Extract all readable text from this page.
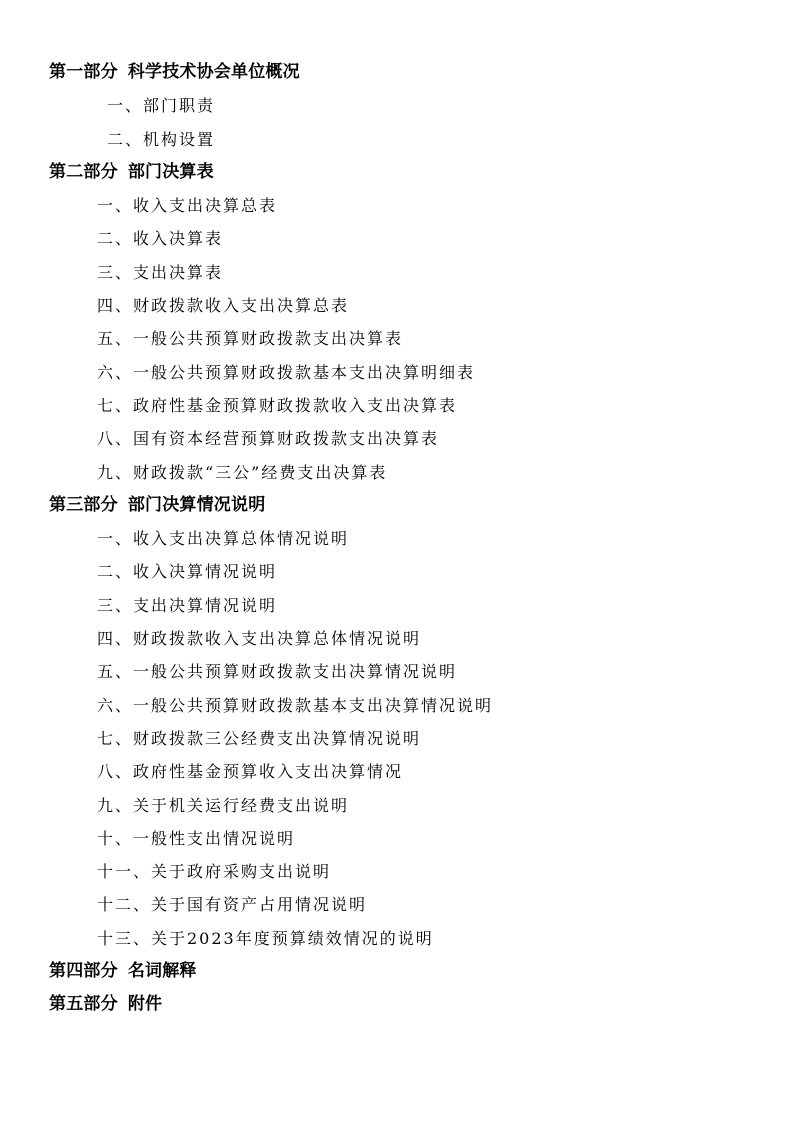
第一部分 科学技术协会单位概况
一、部门职责
二、机构设置
第二部分 部门决算表
一、收入支出决算总表
二、收入决算表
三、支出决算表
四、财政拨款收入支出决算总表
五、一般公共预算财政拨款支出决算表
六、一般公共预算财政拨款基本支出决算明细表
七、政府性基金预算财政拨款收入支出决算表
八、国有资本经营预算财政拨款支出决算表
九、财政拨款“三公”经费支出决算表
第三部分 部门决算情况说明
一、收入支出决算总体情况说明
二、收入决算情况说明
三、支出决算情况说明
四、财政拨款收入支出决算总体情况说明
五、一般公共预算财政拨款支出决算情况说明
六、一般公共预算财政拨款基本支出决算情况说明
七、财政拨款三公经费支出决算情况说明
八、政府性基金预算收入支出决算情况
九、关于机关运行经费支出说明
十、一般性支出情况说明
十一、关于政府采购支出说明
十二、关于国有资产占用情况说明
十三、关于2023年度预算绩效情况的说明
第四部分 名词解释
第五部分 附件
